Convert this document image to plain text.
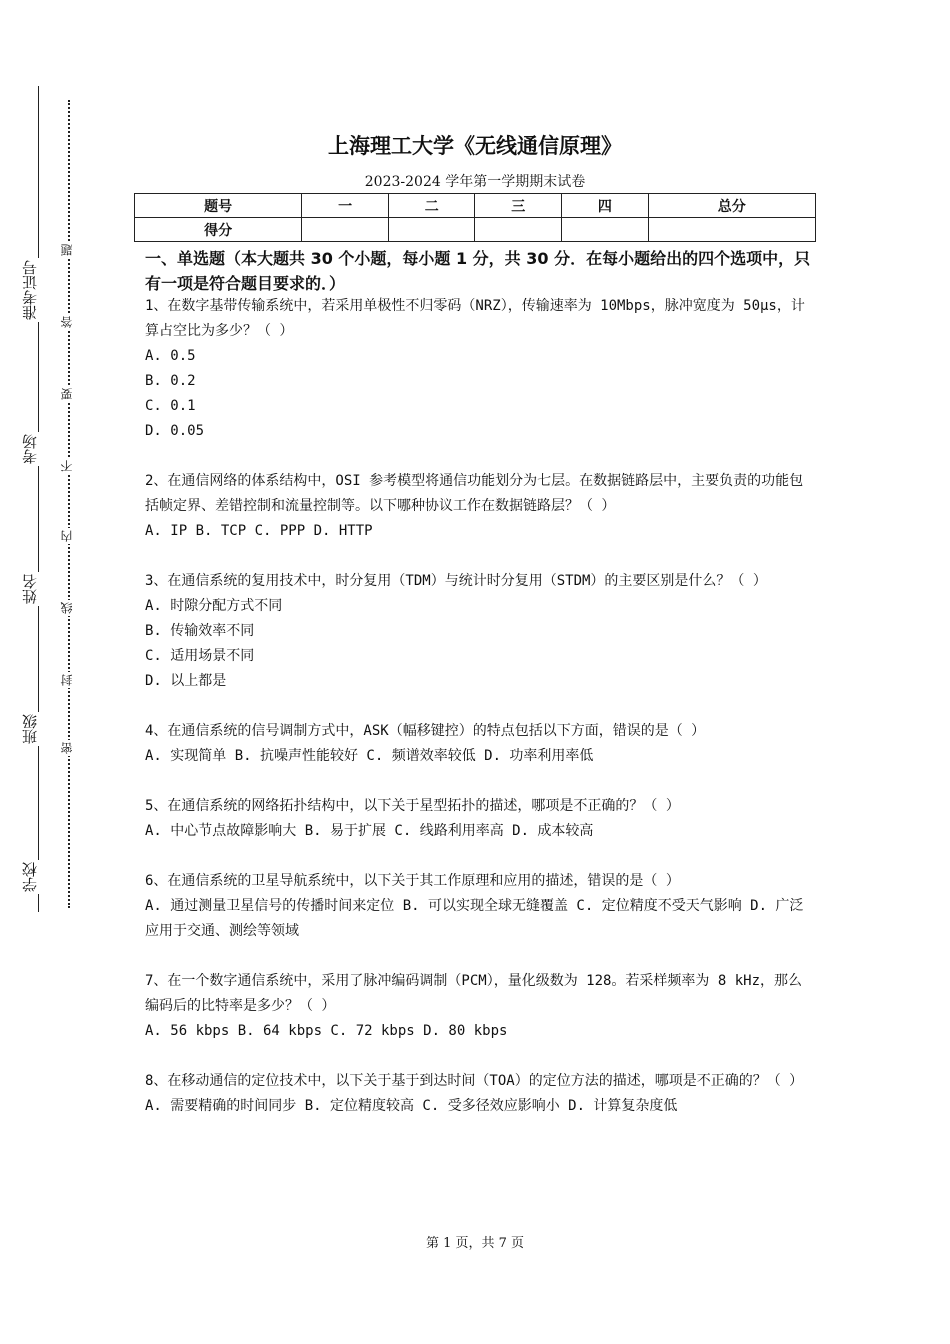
学校
班级
姓名
考场
准考证号
密
封
线
内
不
要
答
题
上海理工大学《无线通信原理》
2023-2024 学年第一学期期末试卷
题号	一	二	三	四	总分
得分					
一、单选题（本大题共 30 个小题，每小题 1 分，共 30 分．在每小题给出的四个选项中，只有一项是符合题目要求的．）

1、在数字基带传输系统中，若采用单极性不归零码（NRZ），传输速率为 10Mbps，脉冲宽度为 50μs，计算占空比为多少？（ ）

A. 0.5

B. 0.2

C. 0.1

D. 0.05

2、在通信网络的体系结构中，OSI 参考模型将通信功能划分为七层。在数据链路层中，主要负责的功能包括帧定界、差错控制和流量控制等。以下哪种协议工作在数据链路层？（ ）

A. IP B. TCP C. PPP D. HTTP

3、在通信系统的复用技术中，时分复用（TDM）与统计时分复用（STDM）的主要区别是什么？（ ）

A. 时隙分配方式不同

B. 传输效率不同

C. 适用场景不同

D. 以上都是

4、在通信系统的信号调制方式中，ASK（幅移键控）的特点包括以下方面，错误的是（ ）

A. 实现简单 B. 抗噪声性能较好 C. 频谱效率较低 D. 功率利用率低

5、在通信系统的网络拓扑结构中，以下关于星型拓扑的描述，哪项是不正确的？（ ）

A. 中心节点故障影响大 B. 易于扩展 C. 线路利用率高 D. 成本较高

6、在通信系统的卫星导航系统中，以下关于其工作原理和应用的描述，错误的是（ ）

A. 通过测量卫星信号的传播时间来定位 B. 可以实现全球无缝覆盖 C. 定位精度不受天气影响 D. 广泛应用于交通、测绘等领域

7、在一个数字通信系统中，采用了脉冲编码调制（PCM），量化级数为 128。若采样频率为 8 kHz，那么编码后的比特率是多少？（ ）

A. 56 kbps B. 64 kbps C. 72 kbps D. 80 kbps

8、在移动通信的定位技术中，以下关于基于到达时间（TOA）的定位方法的描述，哪项是不正确的？（ ）

A. 需要精确的时间同步 B. 定位精度较高 C. 受多径效应影响小 D. 计算复杂度低

第 1 页，共 7 页
